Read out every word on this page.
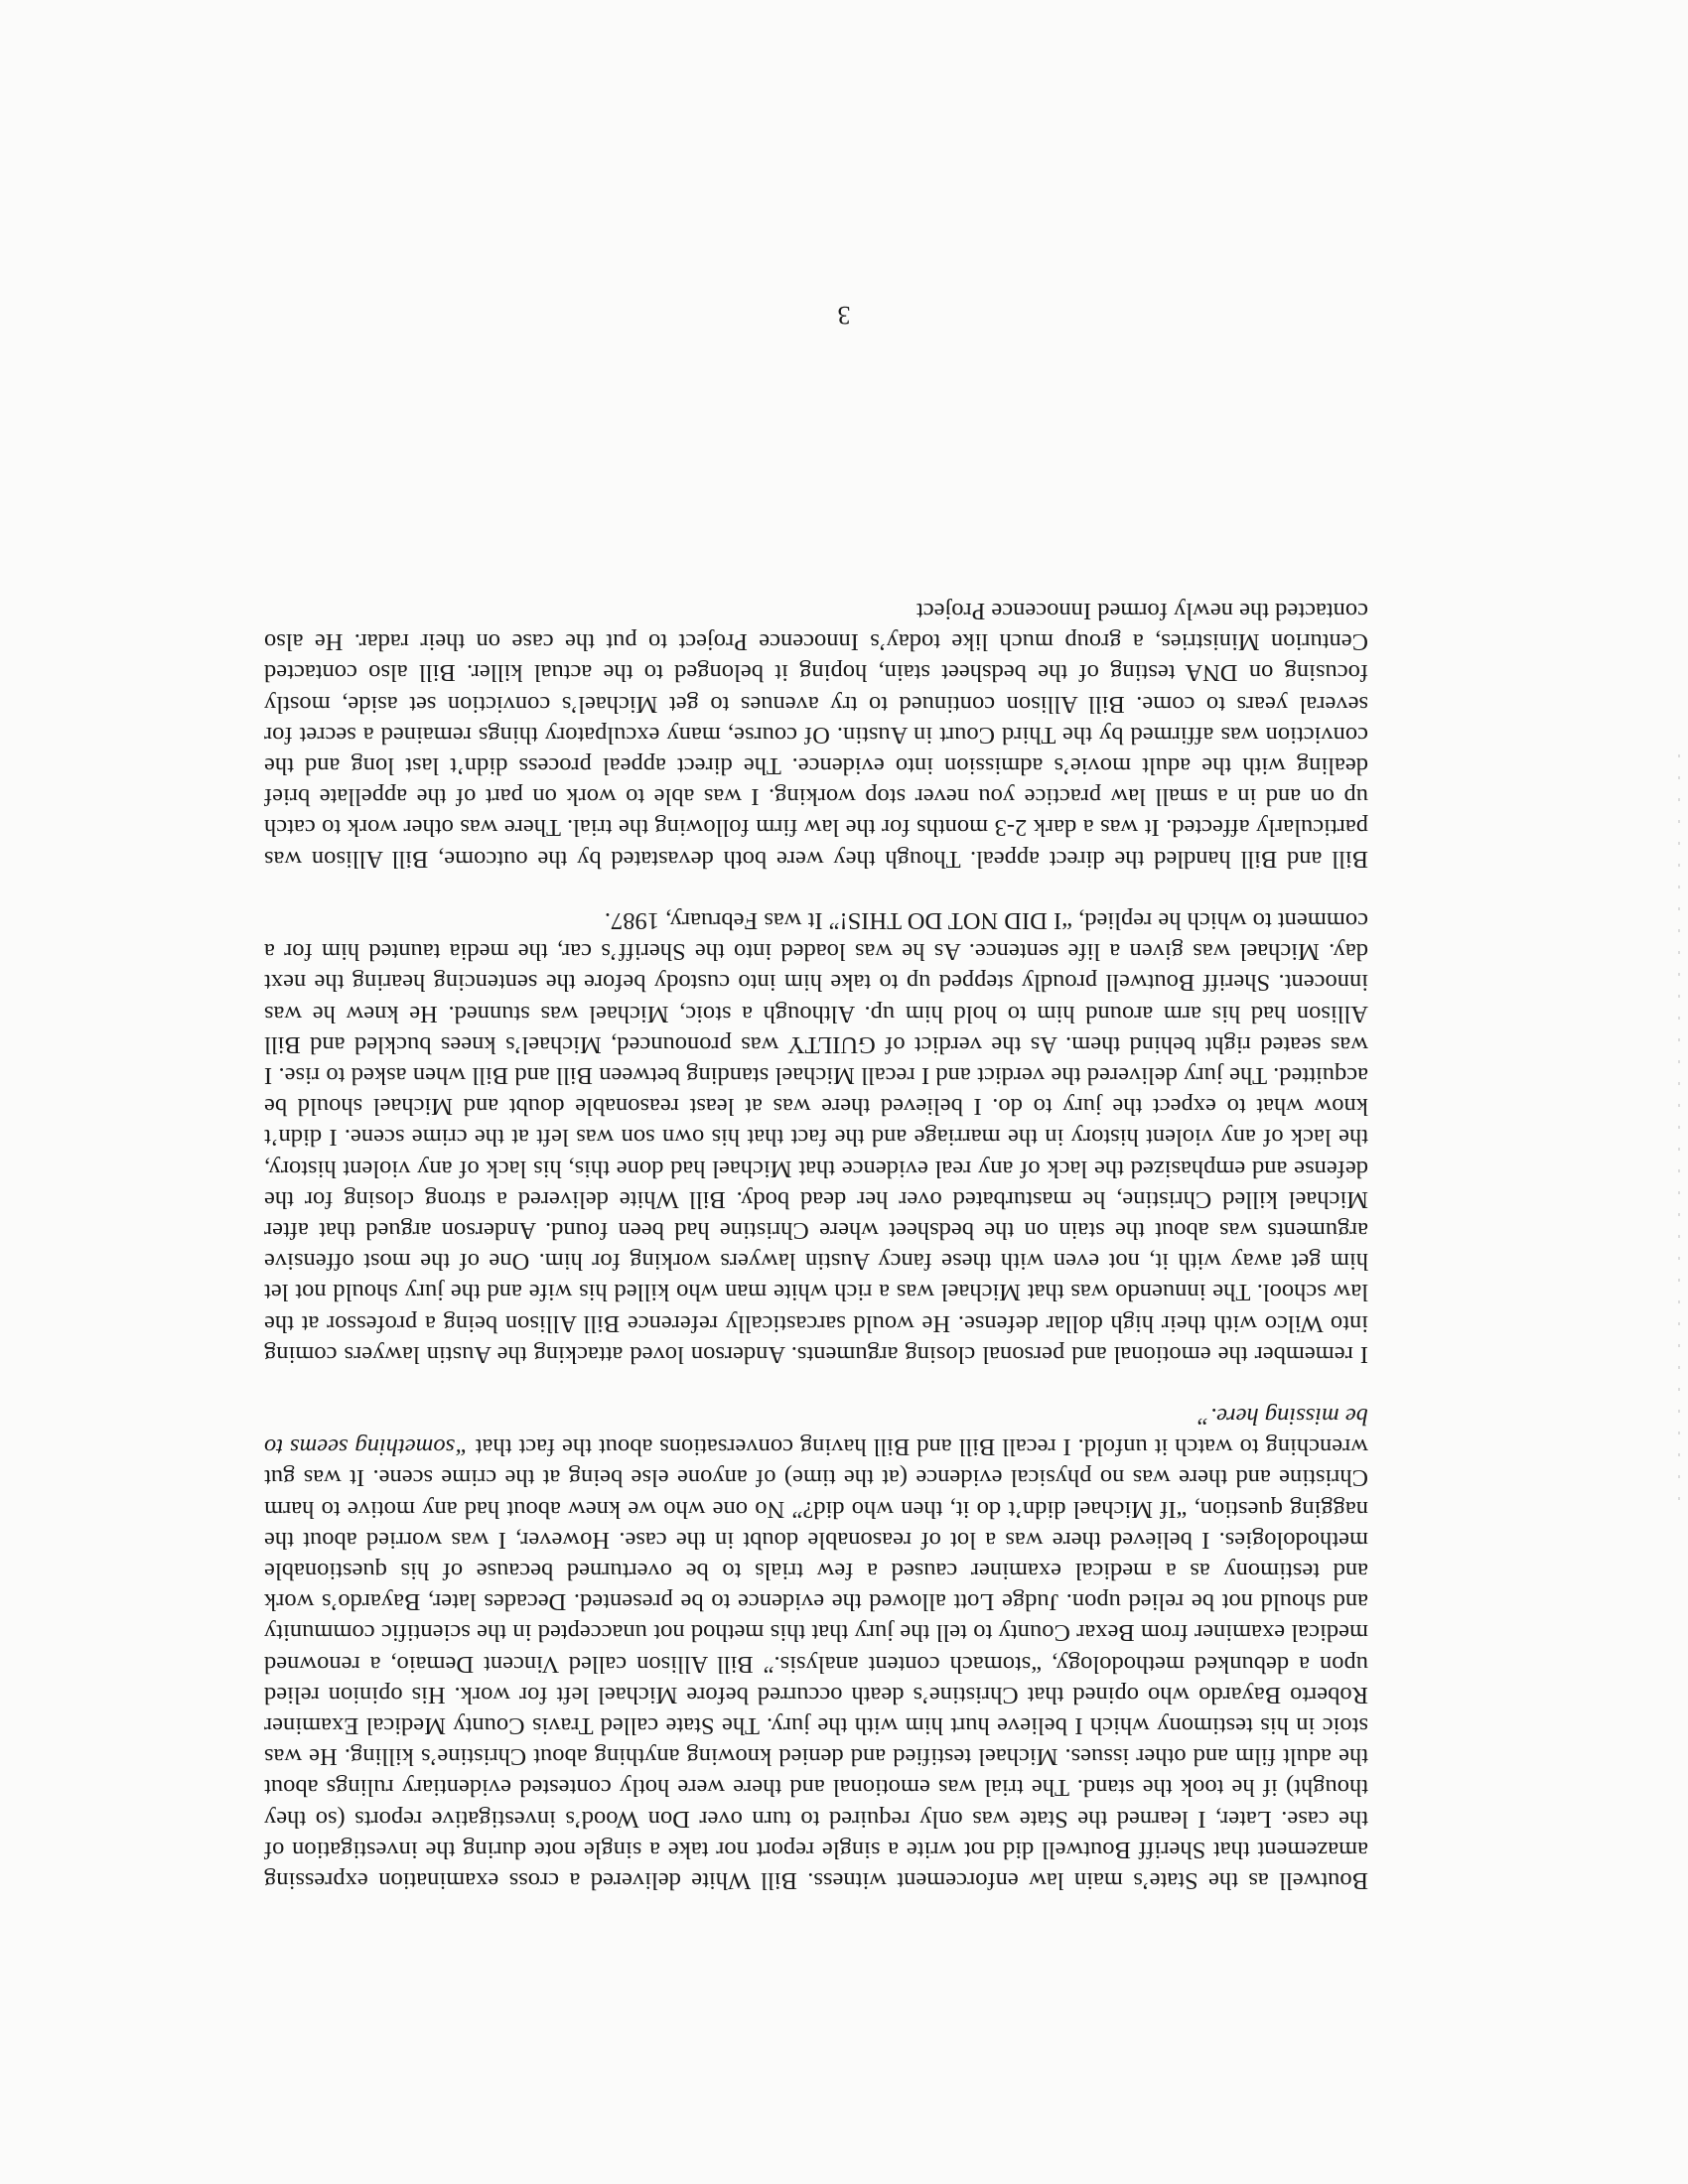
Boutwell as the State’s main law enforcement witness. Bill White delivered a cross examination expressing amazement that Sheriff Boutwell did not write a single report nor take a single note during the investigation of the case. Later, I learned the State was only required to turn over Don Wood’s investigative reports (so they thought) if he took the stand. The trial was emotional and there were hotly contested evidentiary rulings about the adult film and other issues. Michael testified and denied knowing anything about Christine’s killing. He was stoic in his testimony which I believe hurt him with the jury. The State called Travis County Medical Examiner Roberto Bayardo who opined that Christine’s death occurred before Michael left for work. His opinion relied upon a debunked methodology, “stomach content analysis.” Bill Allison called Vincent Demaio, a renowned medical examiner from Bexar County to tell the jury that this method not unaccepted in the scientific community and should not be relied upon. Judge Lott allowed the evidence to be presented. Decades later, Bayardo’s work and testimony as a medical examiner caused a few trials to be overturned because of his questionable methodologies. I believed there was a lot of reasonable doubt in the case. However, I was worried about the nagging question, “If Michael didn’t do it, then who did?” No one who we knew about had any motive to harm Christine and there was no physical evidence (at the time) of anyone else being at the crime scene. It was gut wrenching to watch it unfold. I recall Bill and Bill having conversations about the fact that “something seems to be missing here.”

I remember the emotional and personal closing arguments. Anderson loved attacking the Austin lawyers coming into Wilco with their high dollar defense. He would sarcastically reference Bill Allison being a professor at the law school. The innuendo was that Michael was a rich white man who killed his wife and the jury should not let him get away with it, not even with these fancy Austin lawyers working for him. One of the most offensive arguments was about the stain on the bedsheet where Christine had been found. Anderson argued that after Michael killed Christine, he masturbated over her dead body. Bill White delivered a strong closing for the defense and emphasized the lack of any real evidence that Michael had done this, his lack of any violent history, the lack of any violent history in the marriage and the fact that his own son was left at the crime scene. I didn’t know what to expect the jury to do. I believed there was at least reasonable doubt and Michael should be acquitted. The jury delivered the verdict and I recall Michael standing between Bill and Bill when asked to rise. I was seated right behind them. As the verdict of GUILTY was pronounced, Michael’s knees buckled and Bill Allison had his arm around him to hold him up. Although a stoic, Michael was stunned. He knew he was innocent. Sheriff Boutwell proudly stepped up to take him into custody before the sentencing hearing the next day. Michael was given a life sentence. As he was loaded into the Sheriff’s car, the media taunted him for a comment to which he replied, “I DID NOT DO THIS!” It was February, 1987.

Bill and Bill handled the direct appeal. Though they were both devastated by the outcome, Bill Allison was particularly affected. It was a dark 2-3 months for the law firm following the trial. There was other work to catch up on and in a small law practice you never stop working. I was able to work on part of the appellate brief dealing with the adult movie’s admission into evidence. The direct appeal process didn’t last long and the conviction was affirmed by the Third Court in Austin. Of course, many exculpatory things remained a secret for several years to come. Bill Allison continued to try avenues to get Michael’s conviction set aside, mostly focusing on DNA testing of the bedsheet stain, hoping it belonged to the actual killer. Bill also contacted Centurion Ministries, a group much like today’s Innocence Project to put the case on their radar. He also contacted the newly formed Innocence Project

3
